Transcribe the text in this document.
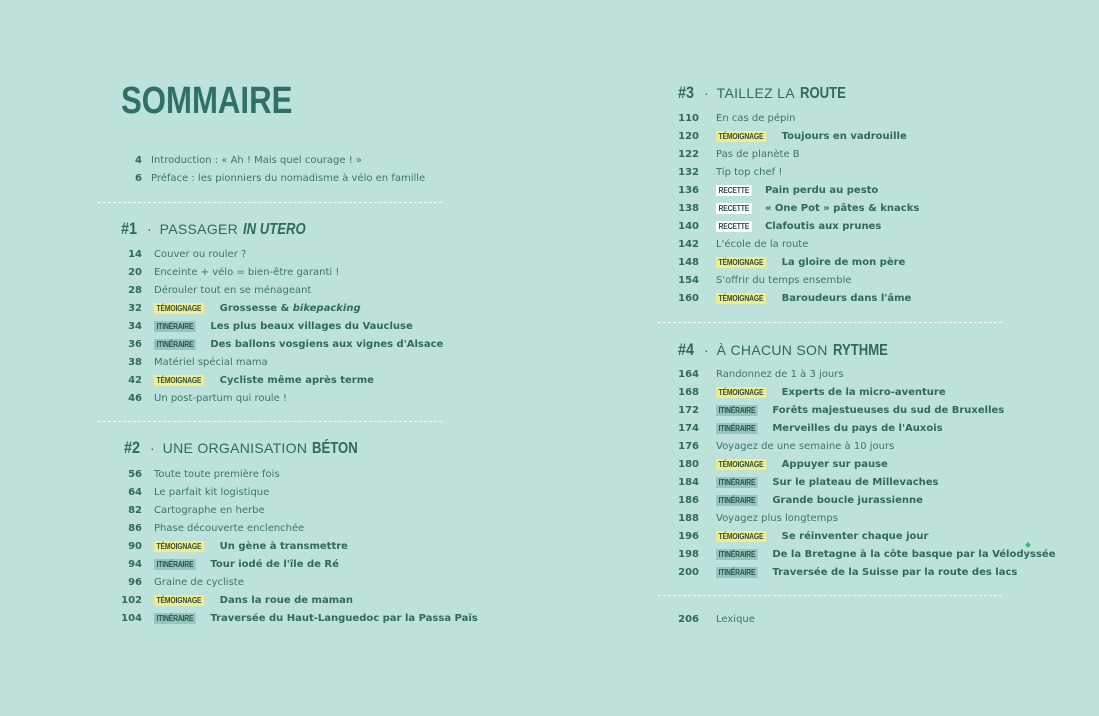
SOMMAIRE
4 Introduction : « Ah ! Mais quel courage ! »
6 Préface : les pionniers du nomadisme à vélo en famille
#1 · PASSAGER IN UTERO
14 Couver ou rouler ?
20 Enceinte + vélo = bien-être garanti !
28 Dérouler tout en se ménageant
32	TÉMOIGNAGE Grossesse & bikepacking
34	ITINÉRAIRE Les plus beaux villages du Vaucluse
36	ITINÉRAIRE Des ballons vosgiens aux vignes d'Alsace
38 Matériel spécial mama
42	TÉMOIGNAGE Cycliste même après terme
46 Un post-partum qui roule !
#2 · UNE ORGANISATION BÉTON
56 Toute toute première fois
64 Le parfait kit logistique
82 Cartographe en herbe
86 Phase découverte enclenchée
90	TÉMOIGNAGE Un gène à transmettre
94	ITINÉRAIRE Tour iodé de l'île de Ré
96 Graine de cycliste
102	TÉMOIGNAGE Dans la roue de maman
104	ITINÉRAIRE Traversée du Haut-Languedoc par la Passa Païs
#3 · TAILLEZ LA ROUTE
110 En cas de pépin
120	TÉMOIGNAGE Toujours en vadrouille
122 Pas de planète B
132 Tip top chef !
136	RECETTE Pain perdu au pesto
138	RECETTE « One Pot » pâtes & knacks
140	RECETTE Clafoutis aux prunes
142 L'école de la route
148	TÉMOIGNAGE La gloire de mon père
154 S'offrir du temps ensemble
160	TÉMOIGNAGE Baroudeurs dans l'âme
#4 · À CHACUN SON RYTHME
164 Randonnez de 1 à 3 jours
168	TÉMOIGNAGE Experts de la micro-aventure
172	ITINÉRAIRE Forêts majestueuses du sud de Bruxelles
174	ITINÉRAIRE Merveilles du pays de l'Auxois
176 Voyagez de une semaine à 10 jours
180	TÉMOIGNAGE Appuyer sur pause
184	ITINÉRAIRE Sur le plateau de Millevaches
186	ITINÉRAIRE Grande boucle jurassienne
188 Voyagez plus longtemps
196	TÉMOIGNAGE Se réinventer chaque jour
198	ITINÉRAIRE De la Bretagne à la côte basque par la Vélodyssée
200	ITINÉRAIRE Traversée de la Suisse par la route des lacs
206 Lexique
